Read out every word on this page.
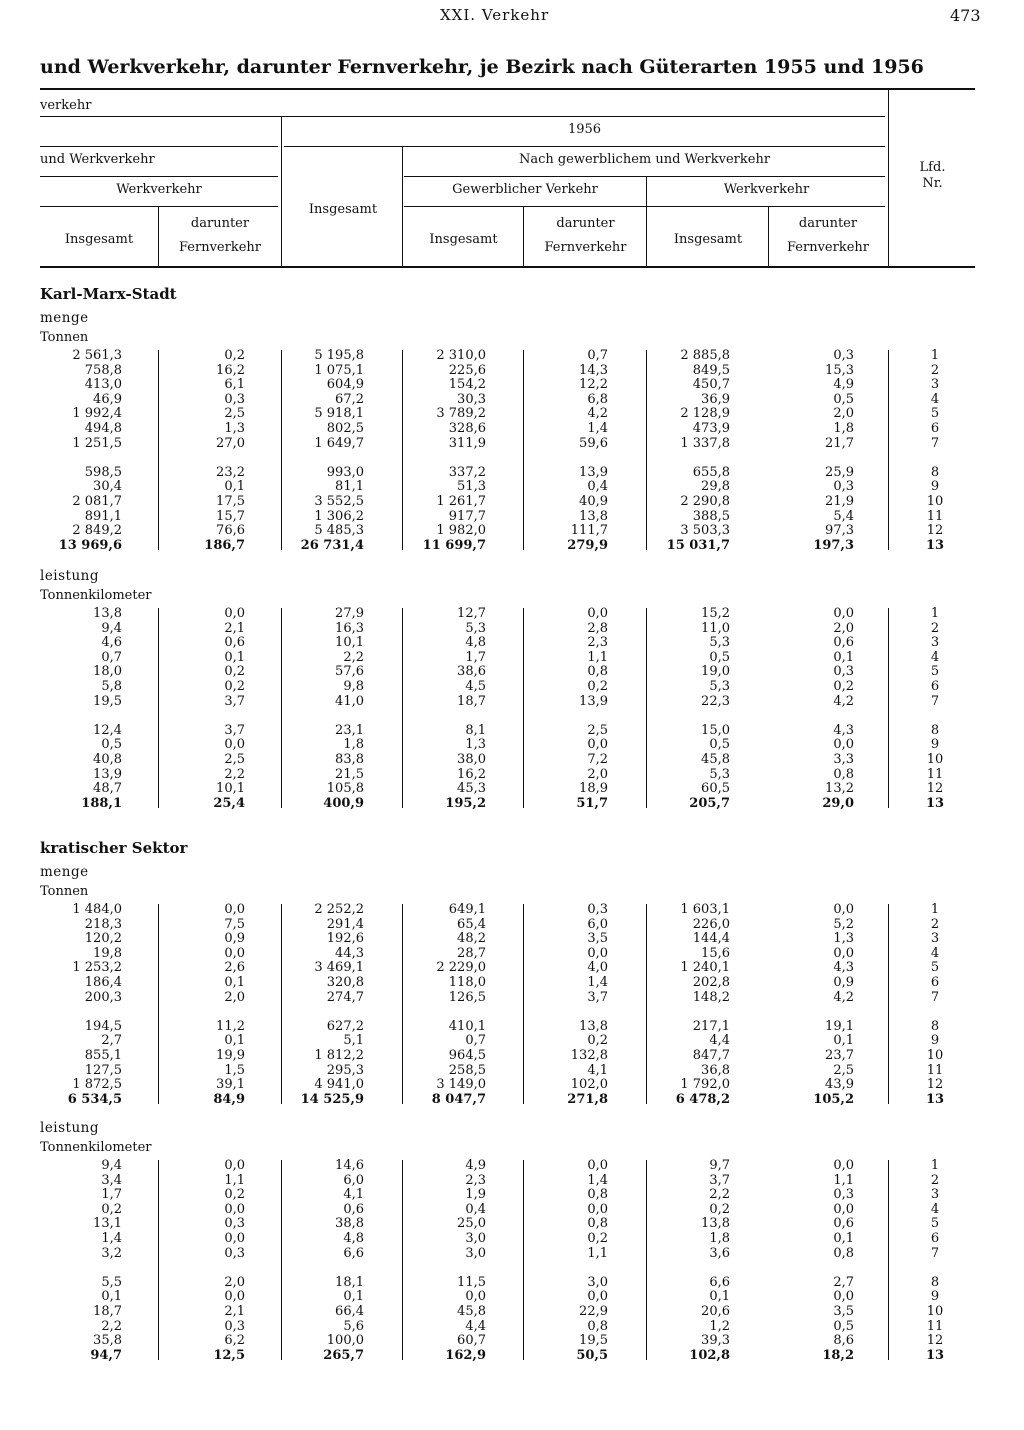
XXI. Verkehr	473
und Werkverkehr, darunter Fernverkehr, je Bezirk nach Güterarten 1955 und 1956
verkehr
1956
und Werkverkehr
Werkverkehr
Insgesamt
darunter
Fernverkehr
Insgesamt
Nach gewerblichem und Werkverkehr
Gewerblicher Verkehr	Werkverkehr
Insgesamt
darunter
Fernverkehr
Insgesamt
darunter
Fernverkehr
Lfd.
Nr.
Karl-Marx-Stadt
menge
Tonnen
2 561,3	0,2	5 195,8	2 310,0	0,7	2 885,8	0,3	1
758,8	16,2	1 075,1	225,6	14,3	849,5	15,3	2
413,0	6,1	604,9	154,2	12,2	450,7	4,9	3
46,9	0,3	67,2	30,3	6,8	36,9	0,5	4
1 992,4	2,5	5 918,1	3 789,2	4,2	2 128,9	2,0	5
494,8	1,3	802,5	328,6	1,4	473,9	1,8	6
1 251,5	27,0	1 649,7	311,9	59,6	1 337,8	21,7	7
598,5	23,2	993,0	337,2	13,9	655,8	25,9	8
30,4	0,1	81,1	51,3	0,4	29,8	0,3	9
2 081,7	17,5	3 552,5	1 261,7	40,9	2 290,8	21,9	10
891,1	15,7	1 306,2	917,7	13,8	388,5	5,4	11
2 849,2	76,6	5 485,3	1 982,0	111,7	3 503,3	97,3	12
13 969,6	186,7	26 731,4	11 699,7	279,9	15 031,7	197,3	13
leistung
Tonnenkilometer
13,8	0,0	27,9	12,7	0,0	15,2	0,0	1
9,4	2,1	16,3	5,3	2,8	11,0	2,0	2
4,6	0,6	10,1	4,8	2,3	5,3	0,6	3
0,7	0,1	2,2	1,7	1,1	0,5	0,1	4
18,0	0,2	57,6	38,6	0,8	19,0	0,3	5
5,8	0,2	9,8	4,5	0,2	5,3	0,2	6
19,5	3,7	41,0	18,7	13,9	22,3	4,2	7
12,4	3,7	23,1	8,1	2,5	15,0	4,3	8
0,5	0,0	1,8	1,3	0,0	0,5	0,0	9
40,8	2,5	83,8	38,0	7,2	45,8	3,3	10
13,9	2,2	21,5	16,2	2,0	5,3	0,8	11
48,7	10,1	105,8	45,3	18,9	60,5	13,2	12
188,1	25,4	400,9	195,2	51,7	205,7	29,0	13
kratischer Sektor
menge
Tonnen
1 484,0	0,0	2 252,2	649,1	0,3	1 603,1	0,0	1
218,3	7,5	291,4	65,4	6,0	226,0	5,2	2
120,2	0,9	192,6	48,2	3,5	144,4	1,3	3
19,8	0,0	44,3	28,7	0,0	15,6	0,0	4
1 253,2	2,6	3 469,1	2 229,0	4,0	1 240,1	4,3	5
186,4	0,1	320,8	118,0	1,4	202,8	0,9	6
200,3	2,0	274,7	126,5	3,7	148,2	4,2	7
194,5	11,2	627,2	410,1	13,8	217,1	19,1	8
2,7	0,1	5,1	0,7	0,2	4,4	0,1	9
855,1	19,9	1 812,2	964,5	132,8	847,7	23,7	10
127,5	1,5	295,3	258,5	4,1	36,8	2,5	11
1 872,5	39,1	4 941,0	3 149,0	102,0	1 792,0	43,9	12
6 534,5	84,9	14 525,9	8 047,7	271,8	6 478,2	105,2	13
leistung
Tonnenkilometer
9,4	0,0	14,6	4,9	0,0	9,7	0,0	1
3,4	1,1	6,0	2,3	1,4	3,7	1,1	2
1,7	0,2	4,1	1,9	0,8	2,2	0,3	3
0,2	0,0	0,6	0,4	0,0	0,2	0,0	4
13,1	0,3	38,8	25,0	0,8	13,8	0,6	5
1,4	0,0	4,8	3,0	0,2	1,8	0,1	6
3,2	0,3	6,6	3,0	1,1	3,6	0,8	7
5,5	2,0	18,1	11,5	3,0	6,6	2,7	8
0,1	0,0	0,1	0,0	0,0	0,1	0,0	9
18,7	2,1	66,4	45,8	22,9	20,6	3,5	10
2,2	0,3	5,6	4,4	0,8	1,2	0,5	11
35,8	6,2	100,0	60,7	19,5	39,3	8,6	12
94,7	12,5	265,7	162,9	50,5	102,8	18,2	13
